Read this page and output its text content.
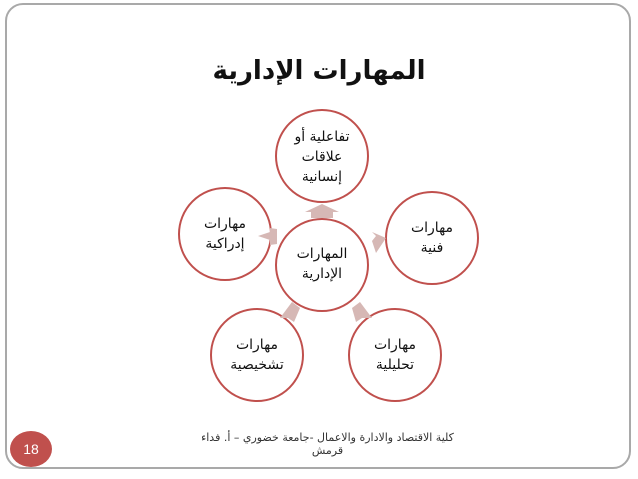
المهارات الإدارية
المهارات
الإدارية
تفاعلية أو
علاقات
إنسانية
مهارات
فنية
مهارات
تحليلية
مهارات
تشخيصية
مهارات
إدراكية
كلية الاقتصاد والادارة والاعمال -جامعة خضوري – أ. فداء قرمش
18
